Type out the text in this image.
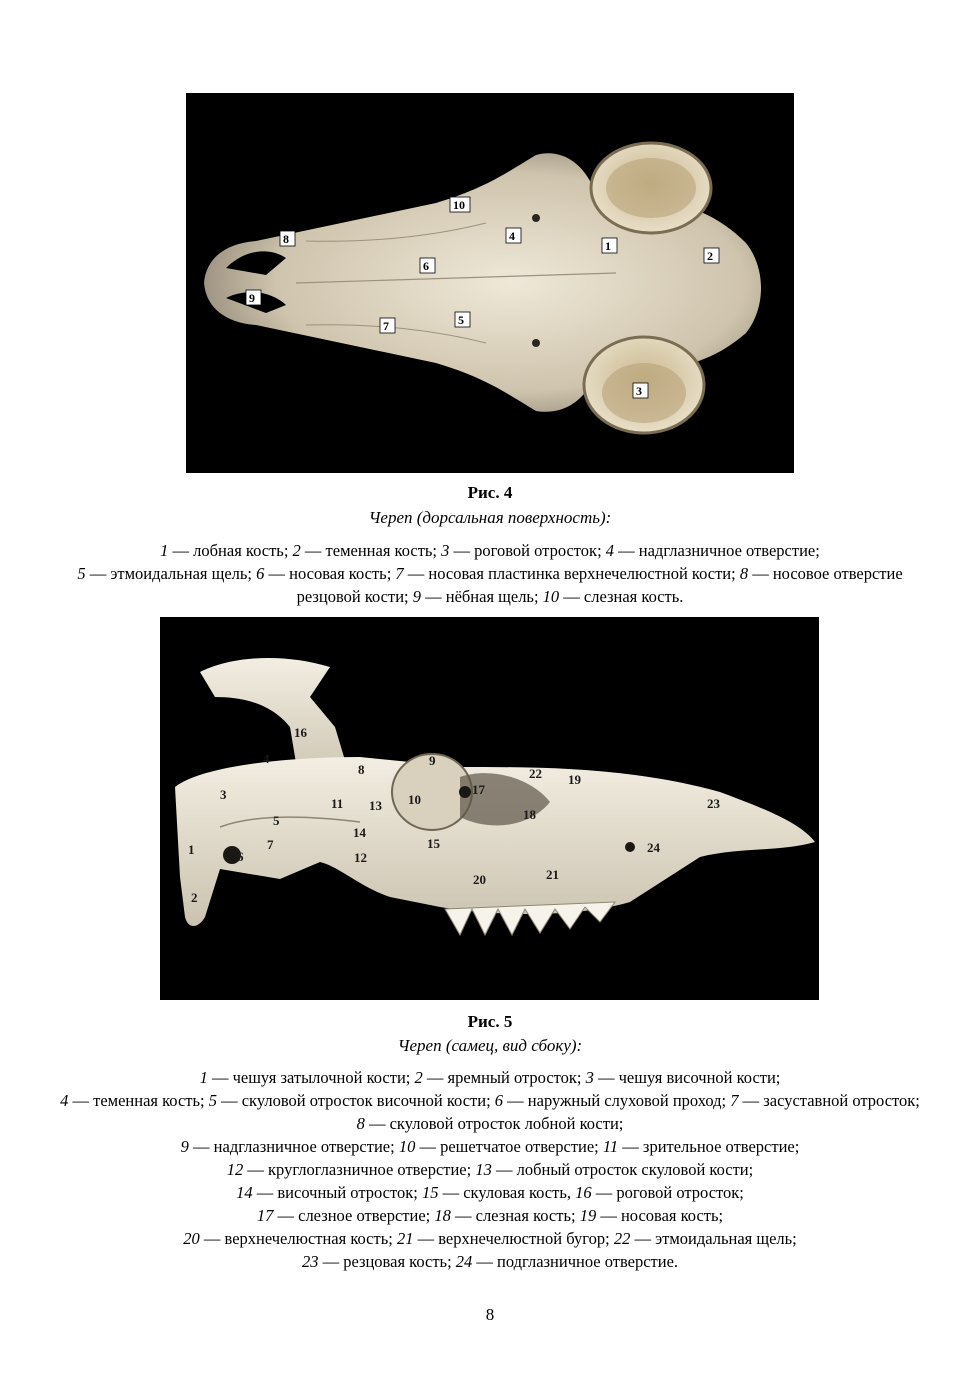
1
2
3
4
5
6
7
8
9
10
Рис. 4
Череп (дорсальная поверхность):
1 — лобная кость; 2 — теменная кость; 3 — роговой отросток; 4 — надглазничное отверстие;
5 — этмоидальная щель; 6 — носовая кость; 7 — носовая пластинка верхнечелюстной кости; 8 — носовое отверстие резцовой кости; 9 — нёбная щель; 10 — слезная кость.
1
2
3
4
5
6
7
8
9
10
11
12
13
14
15
16
17
18
19
20	21
22
23
24
Рис. 5
Череп (самец, вид сбоку):
1 — чешуя затылочной кости; 2 — яремный отросток; 3 — чешуя височной кости;
4 — теменная кость; 5 — скуловой отросток височной кости; 6 — наружный слуховой проход; 7 — засуставной отросток; 8 — скуловой отросток лобной кости;
9 — надглазничное отверстие; 10 — решетчатое отверстие; 11 — зрительное отверстие;
12 — круглоглазничное отверстие; 13 — лобный отросток скуловой кости;
14 — височный отросток; 15 — скуловая кость, 16 — роговой отросток;
17 — слезное отверстие; 18 — слезная кость; 19 — носовая кость;
20 — верхнечелюстная кость; 21 — верхнечелюстной бугор; 22 — этмоидальная щель;
23 — резцовая кость; 24 — подглазничное отверстие.
8
